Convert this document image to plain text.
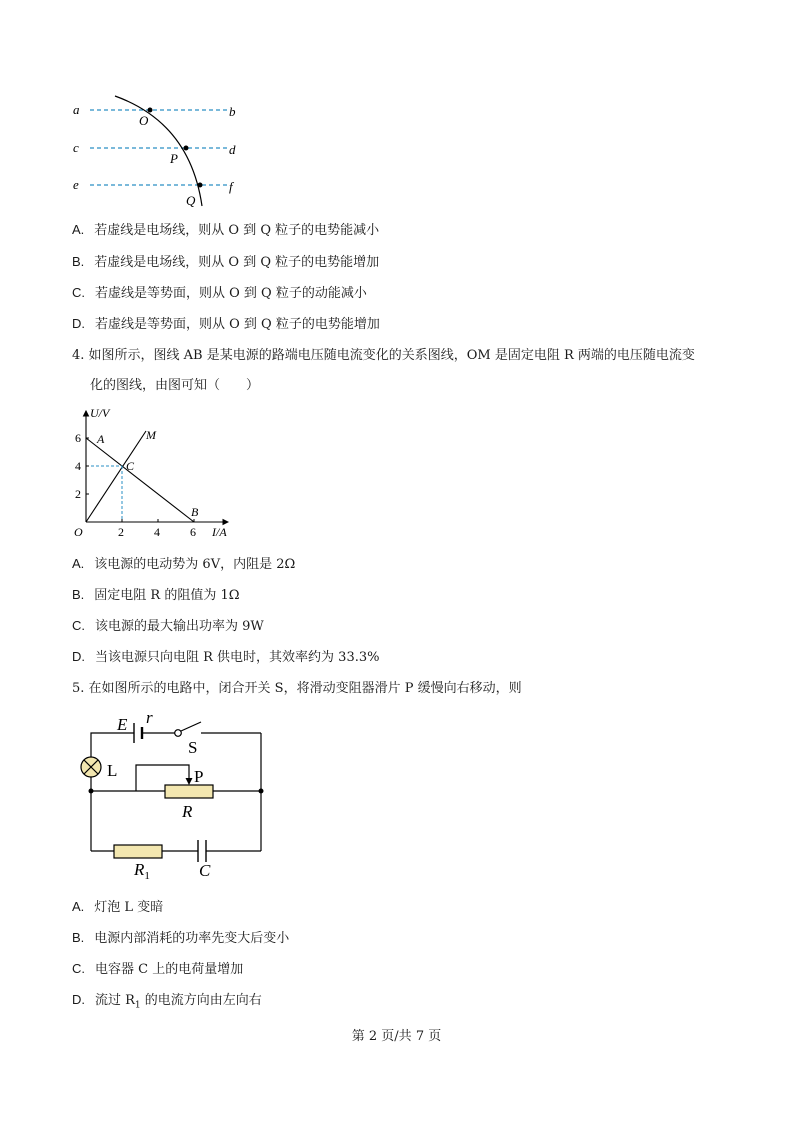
a
c
e
b
d
f
O
P
Q
A. 若虚线是电场线，则从 O 到 Q 粒子的电势能减小
B. 若虚线是电场线，则从 O 到 Q 粒子的电势能增加
C. 若虚线是等势面，则从 O 到 Q 粒子的动能减小
D. 若虚线是等势面，则从 O 到 Q 粒子的电势能增加
4. 如图所示，图线 AB 是某电源的路端电压随电流变化的关系图线，OM 是固定电阻 R 两端的电压随电流变
化的图线，由图可知（　　）
U/V
I/A
O
2
4
6
2	4	6
A
B
C
M
A. 该电源的电动势为 6V，内阻是 2Ω
B. 固定电阻 R 的阻值为 1Ω
C. 该电源的最大输出功率为 9W
D. 当该电源只向电阻 R 供电时，其效率约为 33.3%
5. 在如图所示的电路中，闭合开关 S，将滑动变阻器滑片 P 缓慢向右移动，则
E r
S
L	P
R
$R_1$	C
A. 灯泡 L 变暗
B. 电源内部消耗的功率先变大后变小
C. 电容器 C 上的电荷量增加
D. 流过 $R_1$ 的电流方向由左向右
第 2 页/共 7 页
